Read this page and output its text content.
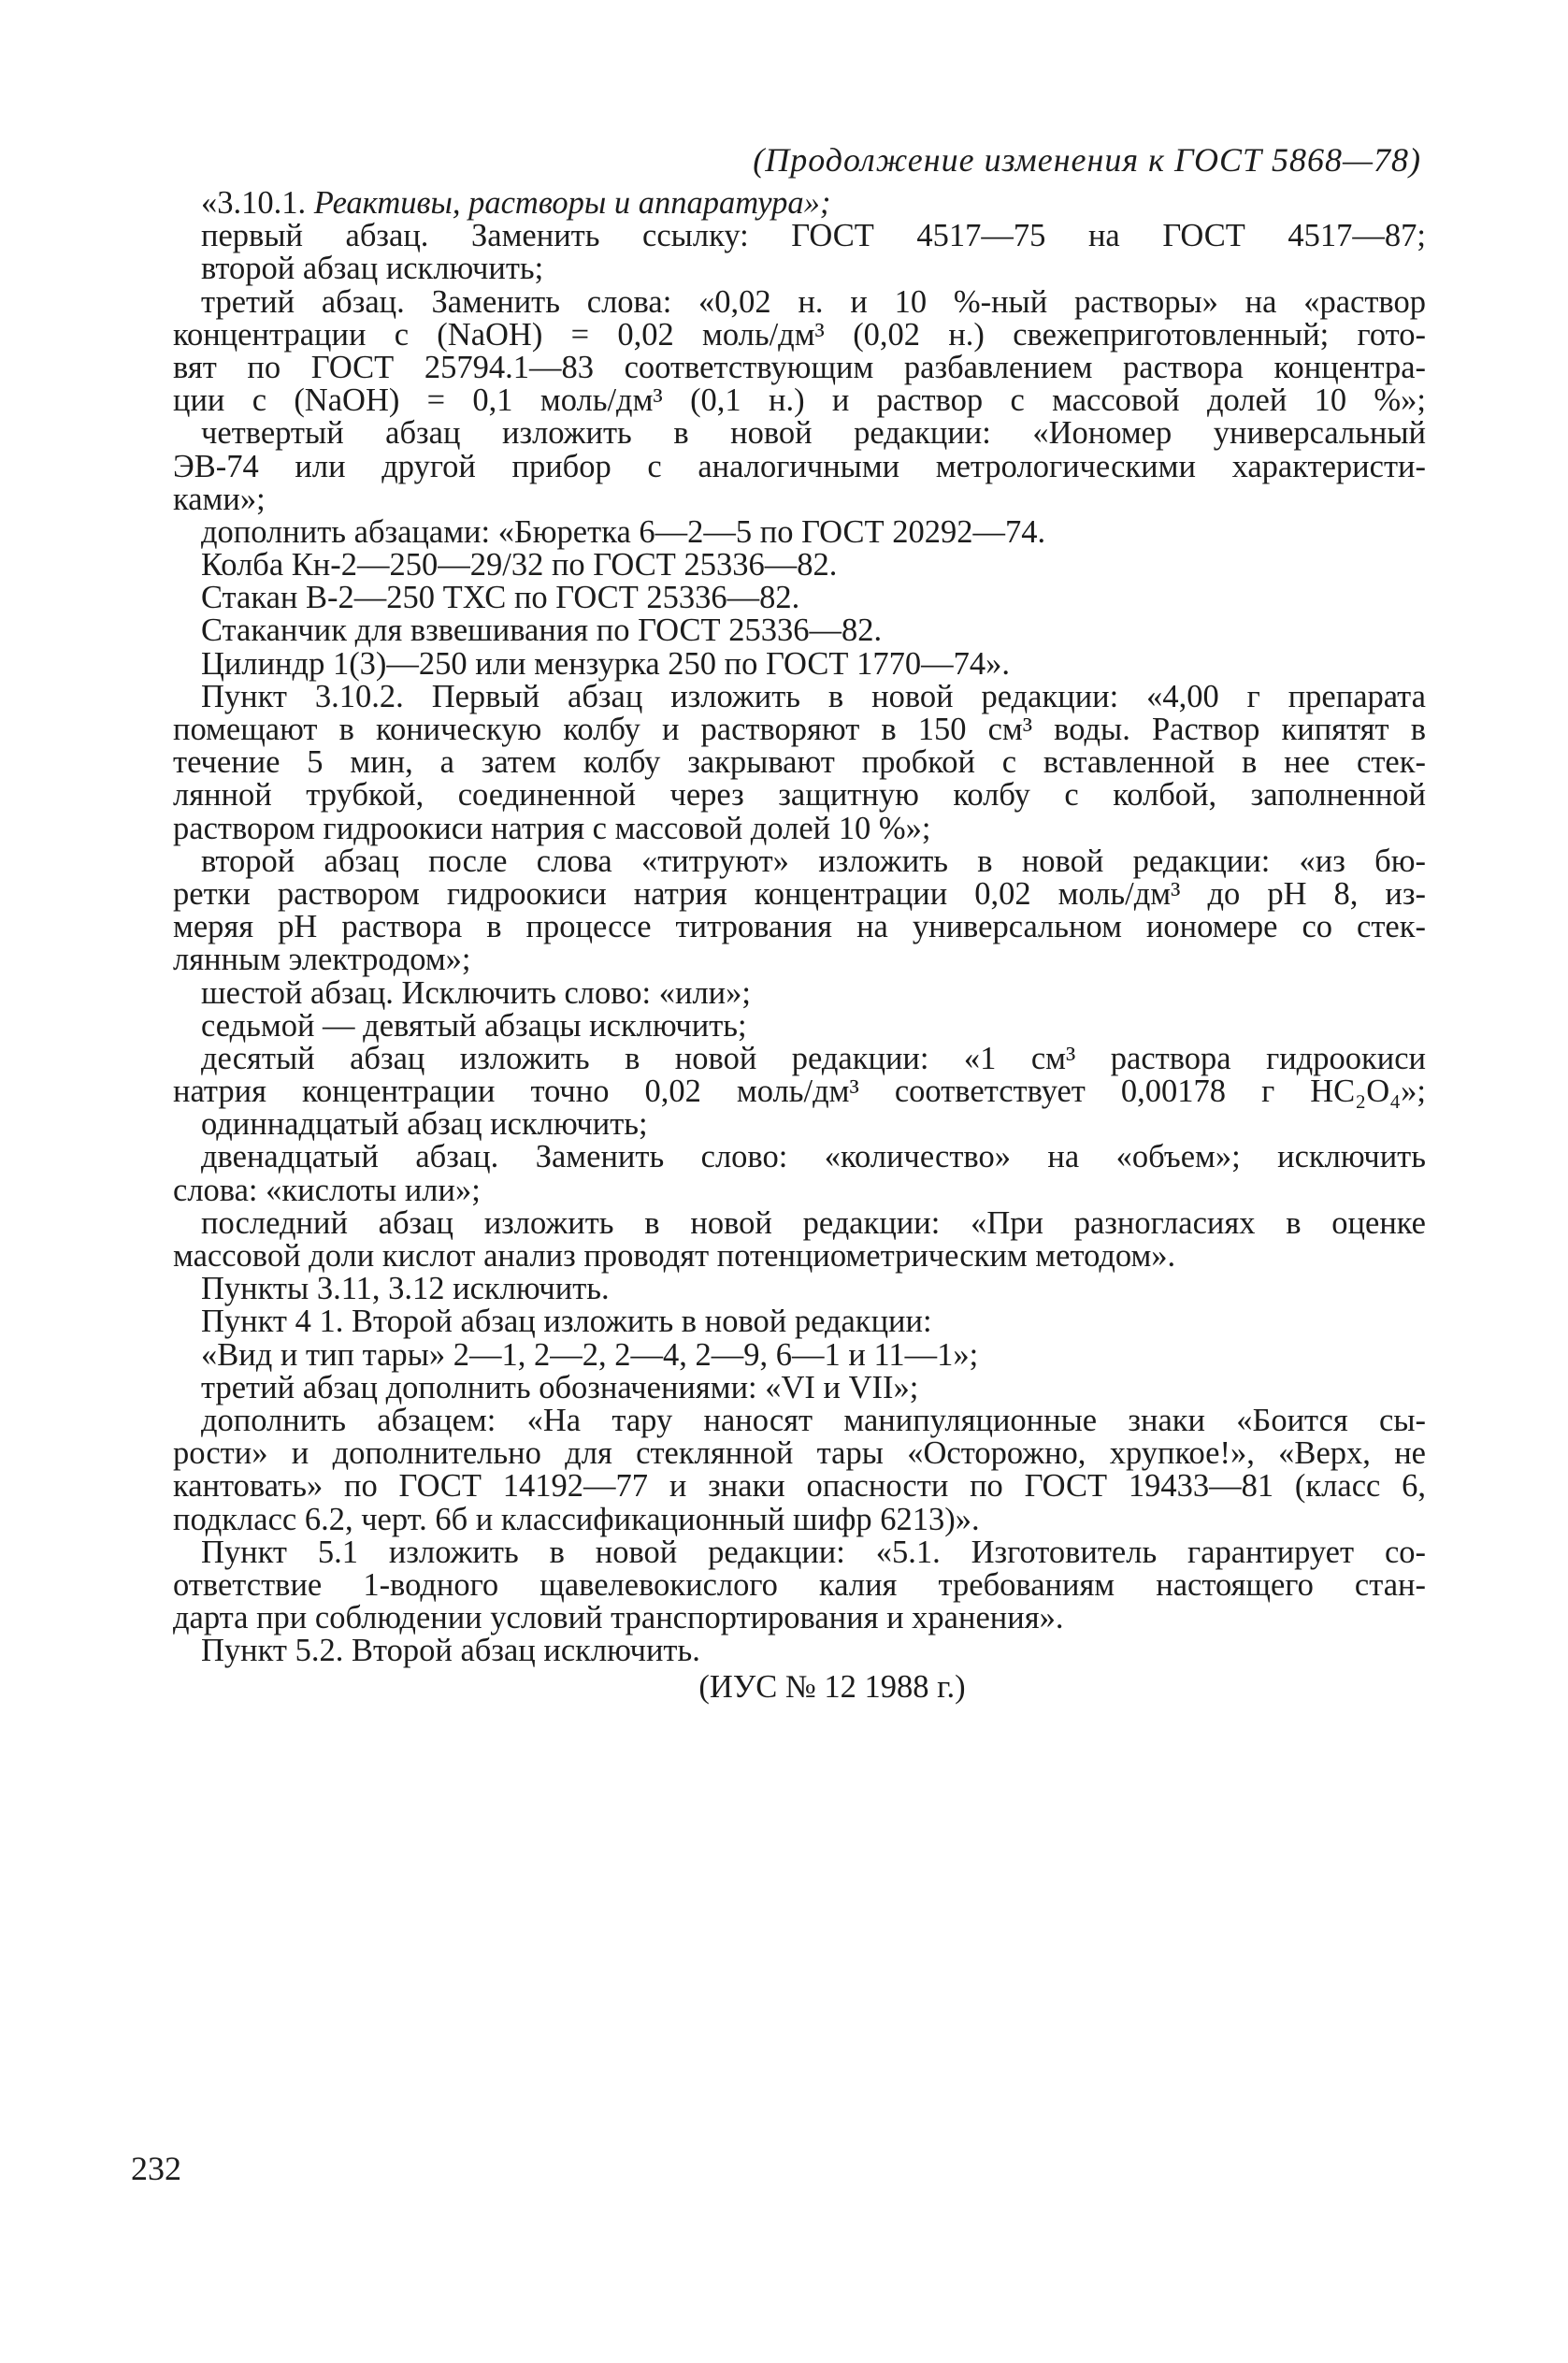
(Продолжение изменения к ГОСТ 5868—78)
«3.10.1. Реактивы, растворы и аппаратура»;
первый абзац. Заменить ссылку: ГОСТ 4517—75 на ГОСТ 4517—87;
второй абзац исключить;
третий абзац. Заменить слова: «0,02 н. и 10 %-ный растворы» на «раствор
концентрации с (NaOH) = 0,02 моль/дм³ (0,02 н.) свежеприготовленный; гото-
вят по ГОСТ 25794.1—83 соответствующим разбавлением раствора концентра-
ции с (NaOH) = 0,1 моль/дм³ (0,1 н.) и раствор с массовой долей 10 %»;
четвертый абзац изложить в новой редакции: «Иономер универсальный
ЭВ-74 или другой прибор с аналогичными метрологическими характеристи-
ками»;
дополнить абзацами: «Бюретка 6—2—5 по ГОСТ 20292—74.
Колба Кн-2—250—29/32 по ГОСТ 25336—82.
Стакан В-2—250 ТХС по ГОСТ 25336—82.
Стаканчик для взвешивания по ГОСТ 25336—82.
Цилиндр 1(3)—250 или мензурка 250 по ГОСТ 1770—74».
Пункт 3.10.2. Первый абзац изложить в новой редакции: «4,00 г препарата
помещают в коническую колбу и растворяют в 150 см³ воды. Раствор кипятят в
течение 5 мин, а затем колбу закрывают пробкой с вставленной в нее стек-
лянной трубкой, соединенной через защитную колбу с колбой, заполненной
раствором гидроокиси натрия с массовой долей 10 %»;
второй абзац после слова «титруют» изложить в новой редакции: «из бю-
ретки раствором гидроокиси натрия концентрации 0,02 моль/дм³ до рН 8, из-
меряя рН раствора в процессе титрования на универсальном иономере со стек-
лянным электродом»;
шестой абзац. Исключить слово: «или»;
седьмой — девятый абзацы исключить;
десятый абзац изложить в новой редакции: «1 см³ раствора гидроокиси
натрия концентрации точно 0,02 моль/дм³ соответствует 0,00178 г НС₂О₄»;
одиннадцатый абзац исключить;
двенадцатый абзац. Заменить слово: «количество» на «объем»; исключить
слова: «кислоты или»;
последний абзац изложить в новой редакции: «При разногласиях в оценке
массовой доли кислот анализ проводят потенциометрическим методом».
Пункты 3.11, 3.12 исключить.
Пункт 4 1. Второй абзац изложить в новой редакции:
«Вид и тип тары» 2—1, 2—2, 2—4, 2—9, 6—1 и 11—1»;
третий абзац дополнить обозначениями: «VI и VII»;
дополнить абзацем: «На тару наносят манипуляционные знаки «Боится сы-
рости» и дополнительно для стеклянной тары «Осторожно, хрупкое!», «Верх, не
кантовать» по ГОСТ 14192—77 и знаки опасности по ГОСТ 19433—81 (класс 6,
подкласс 6.2, черт. 6б и классификационный шифр 6213)».
Пункт 5.1 изложить в новой редакции: «5.1. Изготовитель гарантирует со-
ответствие 1-водного щавелевокислого калия требованиям настоящего стан-
дарта при соблюдении условий транспортирования и хранения».
Пункт 5.2. Второй абзац исключить.
(ИУС № 12 1988 г.)
232
